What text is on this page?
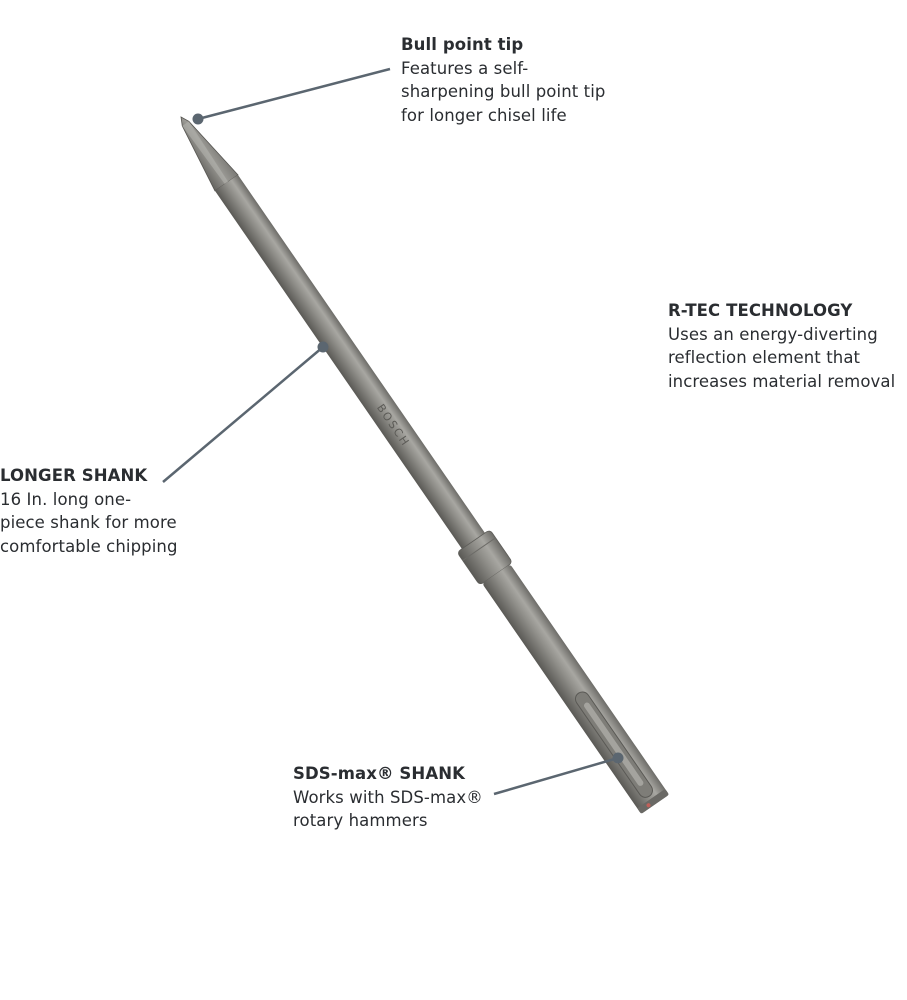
BOSCH
Bull point tip
Features a self-
sharpening bull point tip
for longer chisel life
R-TEC TECHNOLOGY
Uses an energy-diverting
reflection element that
increases material removal
LONGER SHANK
16 In. long one-
piece shank for more
comfortable chipping
SDS-max® SHANK
Works with SDS-max®
rotary hammers
